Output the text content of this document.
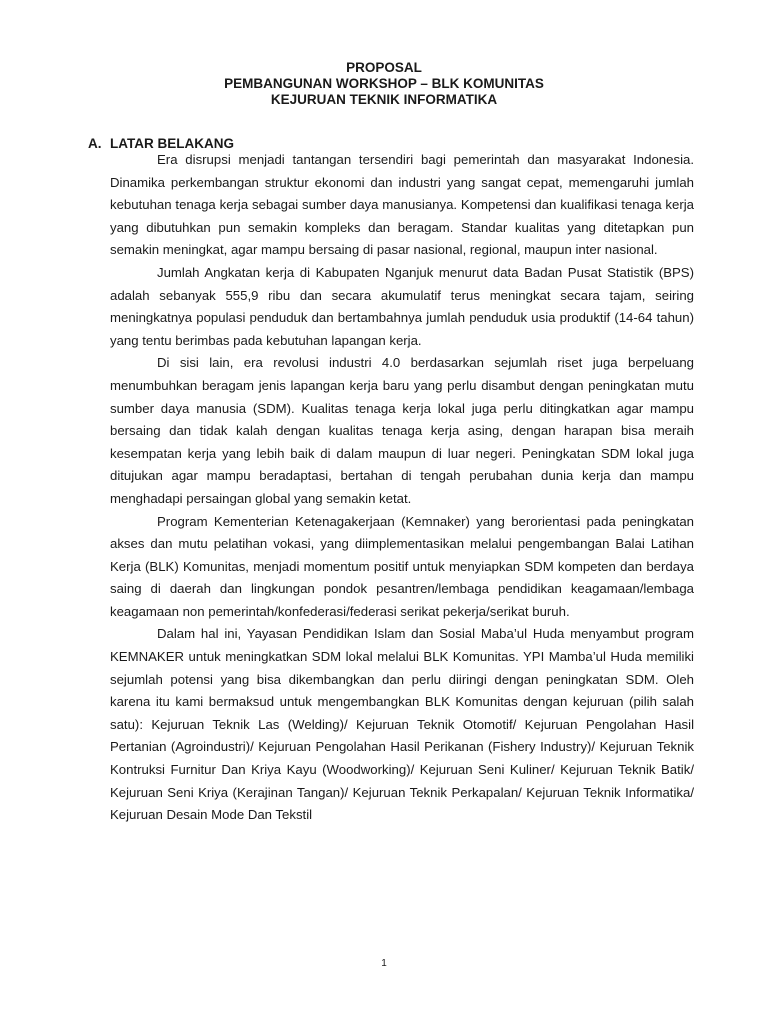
PROPOSAL
PEMBANGUNAN WORKSHOP – BLK KOMUNITAS
KEJURUAN TEKNIK INFORMATIKA
A. LATAR BELAKANG

Era disrupsi menjadi tantangan tersendiri bagi pemerintah dan masyarakat Indonesia. Dinamika perkembangan struktur ekonomi dan industri yang sangat cepat, memengaruhi jumlah kebutuhan tenaga kerja sebagai sumber daya manusianya. Kompetensi dan kualifikasi tenaga kerja yang dibutuhkan pun semakin kompleks dan beragam. Standar kualitas yang ditetapkan pun semakin meningkat, agar mampu bersaing di pasar nasional, regional, maupun inter nasional.

Jumlah Angkatan kerja di Kabupaten Nganjuk menurut data Badan Pusat Statistik (BPS) adalah sebanyak 555,9 ribu dan secara akumulatif terus meningkat secara tajam, seiring meningkatnya populasi penduduk dan bertambahnya jumlah penduduk usia produktif (14-64 tahun) yang tentu berimbas pada kebutuhan lapangan kerja.

Di sisi lain, era revolusi industri 4.0 berdasarkan sejumlah riset juga berpeluang menumbuhkan beragam jenis lapangan kerja baru yang perlu disambut dengan peningkatan mutu sumber daya manusia (SDM). Kualitas tenaga kerja lokal juga perlu ditingkatkan agar mampu bersaing dan tidak kalah dengan kualitas tenaga kerja asing, dengan harapan bisa meraih kesempatan kerja yang lebih baik di dalam maupun di luar negeri. Peningkatan SDM lokal juga ditujukan agar mampu beradaptasi, bertahan di tengah perubahan dunia kerja dan mampu menghadapi persaingan global yang semakin ketat.

Program Kementerian Ketenagakerjaan (Kemnaker) yang berorientasi pada peningkatan akses dan mutu pelatihan vokasi, yang diimplementasikan melalui pengembangan Balai Latihan Kerja (BLK) Komunitas, menjadi momentum positif untuk menyiapkan SDM kompeten dan berdaya saing di daerah dan lingkungan pondok pesantren/lembaga pendidikan keagamaan/lembaga keagamaan non pemerintah/konfederasi/federasi serikat pekerja/serikat buruh.

Dalam hal ini, Yayasan Pendidikan Islam dan Sosial Maba’ul Huda menyambut program KEMNAKER untuk meningkatkan SDM lokal melalui BLK Komunitas. YPI Mamba’ul Huda memiliki sejumlah potensi yang bisa dikembangkan dan perlu diiringi dengan peningkatan SDM. Oleh karena itu kami bermaksud untuk mengembangkan BLK Komunitas dengan kejuruan (pilih salah satu): Kejuruan Teknik Las (Welding)/ Kejuruan Teknik Otomotif/ Kejuruan Pengolahan Hasil Pertanian (Agroindustri)/ Kejuruan Pengolahan Hasil Perikanan (Fishery Industry)/ Kejuruan Teknik Kontruksi Furnitur Dan Kriya Kayu (Woodworking)/ Kejuruan Seni Kuliner/ Kejuruan Teknik Batik/ Kejuruan Seni Kriya (Kerajinan Tangan)/ Kejuruan Teknik Perkapalan/ Kejuruan Teknik Informatika/ Kejuruan Desain Mode Dan Tekstil

1
